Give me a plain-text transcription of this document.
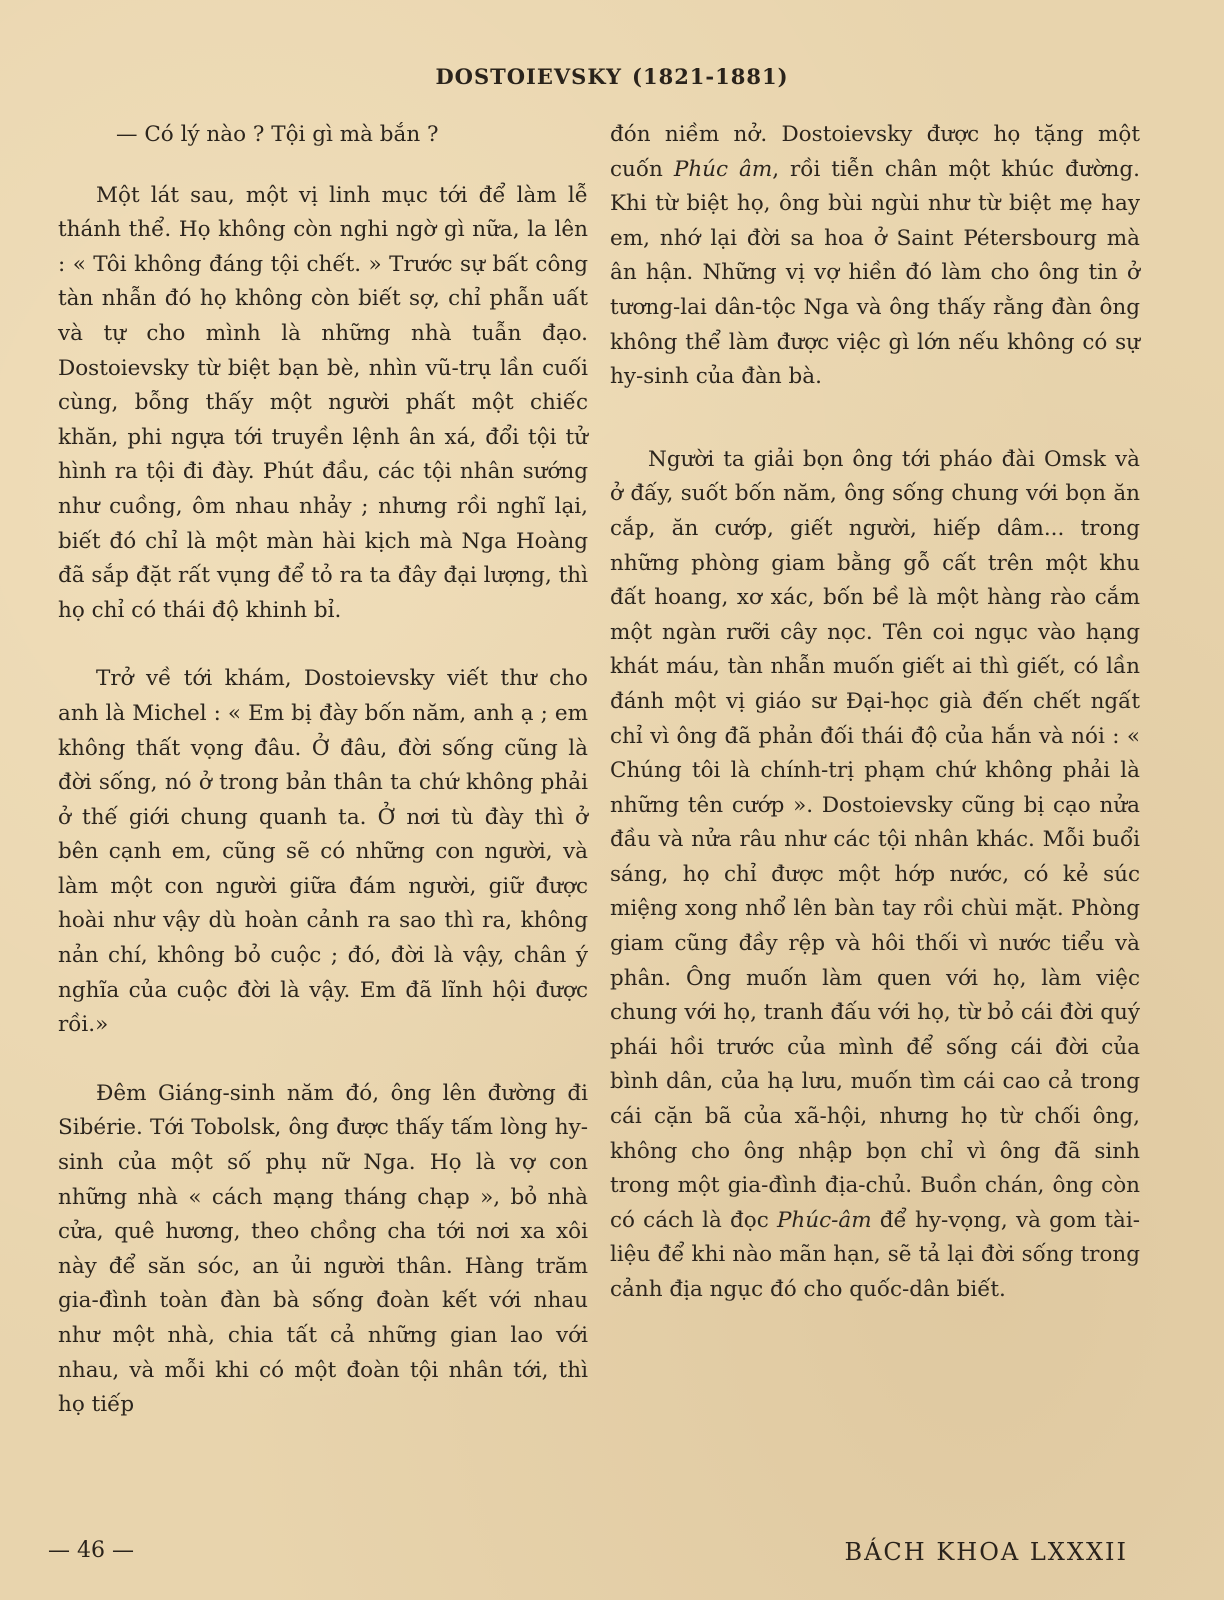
DOSTOIEVSKY (1821-1881)

— Có lý nào ? Tội gì mà bắn ?

Một lát sau, một vị linh mục tới để làm lễ thánh thể. Họ không còn nghi ngờ gì nữa, la lên : « Tôi không đáng tội chết. » Trước sự bất công tàn nhẫn đó họ không còn biết sợ, chỉ phẫn uất và tự cho mình là những nhà tuẫn đạo. Dostoievsky từ biệt bạn bè, nhìn vũ-trụ lần cuối cùng, bỗng thấy một người phất một chiếc khăn, phi ngựa tới truyền lệnh ân xá, đổi tội tử hình ra tội đi đày. Phút đầu, các tội nhân sướng như cuồng, ôm nhau nhảy ; nhưng rồi nghĩ lại, biết đó chỉ là một màn hài kịch mà Nga Hoàng đã sắp đặt rất vụng để tỏ ra ta đây đại lượng, thì họ chỉ có thái độ khinh bỉ.

Trở về tới khám, Dostoievsky viết thư cho anh là Michel : « Em bị đày bốn năm, anh ạ ; em không thất vọng đâu. Ở đâu, đời sống cũng là đời sống, nó ở trong bản thân ta chứ không phải ở thế giới chung quanh ta. Ở nơi tù đày thì ở bên cạnh em, cũng sẽ có những con người, và làm một con người giữa đám người, giữ được hoài như vậy dù hoàn cảnh ra sao thì ra, không nản chí, không bỏ cuộc ; đó, đời là vậy, chân ý nghĩa của cuộc đời là vậy. Em đã lĩnh hội được rồi.»

Đêm Giáng-sinh năm đó, ông lên đường đi Sibérie. Tới Tobolsk, ông được thấy tấm lòng hy-sinh của một số phụ nữ Nga. Họ là vợ con những nhà « cách mạng tháng chạp », bỏ nhà cửa, quê hương, theo chồng cha tới nơi xa xôi này để săn sóc, an ủi người thân. Hàng trăm gia-đình toàn đàn bà sống đoàn kết với nhau như một nhà, chia tất cả những gian lao với nhau, và mỗi khi có một đoàn tội nhân tới, thì họ tiếp

đón niềm nở. Dostoievsky được họ tặng một cuốn Phúc âm, rồi tiễn chân một khúc đường. Khi từ biệt họ, ông bùi ngùi như từ biệt mẹ hay em, nhớ lại đời sa hoa ở Saint Pétersbourg mà ân hận. Những vị vợ hiền đó làm cho ông tin ở tương-lai dân-tộc Nga và ông thấy rằng đàn ông không thể làm được việc gì lớn nếu không có sự hy-sinh của đàn bà.

Người ta giải bọn ông tới pháo đài Omsk và ở đấy, suốt bốn năm, ông sống chung với bọn ăn cắp, ăn cướp, giết người, hiếp dâm... trong những phòng giam bằng gỗ cất trên một khu đất hoang, xơ xác, bốn bề là một hàng rào cắm một ngàn rưỡi cây nọc. Tên coi ngục vào hạng khát máu, tàn nhẫn muốn giết ai thì giết, có lần đánh một vị giáo sư Đại-học già đến chết ngất chỉ vì ông đã phản đối thái độ của hắn và nói : « Chúng tôi là chính-trị phạm chứ không phải là những tên cướp ». Dostoievsky cũng bị cạo nửa đầu và nửa râu như các tội nhân khác. Mỗi buổi sáng, họ chỉ được một hớp nước, có kẻ súc miệng xong nhổ lên bàn tay rồi chùi mặt. Phòng giam cũng đầy rệp và hôi thối vì nước tiểu và phân. Ông muốn làm quen với họ, làm việc chung với họ, tranh đấu với họ, từ bỏ cái đời quý phái hồi trước của mình để sống cái đời của bình dân, của hạ lưu, muốn tìm cái cao cả trong cái cặn bã của xã-hội, nhưng họ từ chối ông, không cho ông nhập bọn chỉ vì ông đã sinh trong một gia-đình địa-chủ. Buồn chán, ông còn có cách là đọc Phúc-âm để hy-vọng, và gom tài-liệu để khi nào mãn hạn, sẽ tả lại đời sống trong cảnh địa ngục đó cho quốc-dân biết.

— 46 —	BÁCH KHOA LXXXII
